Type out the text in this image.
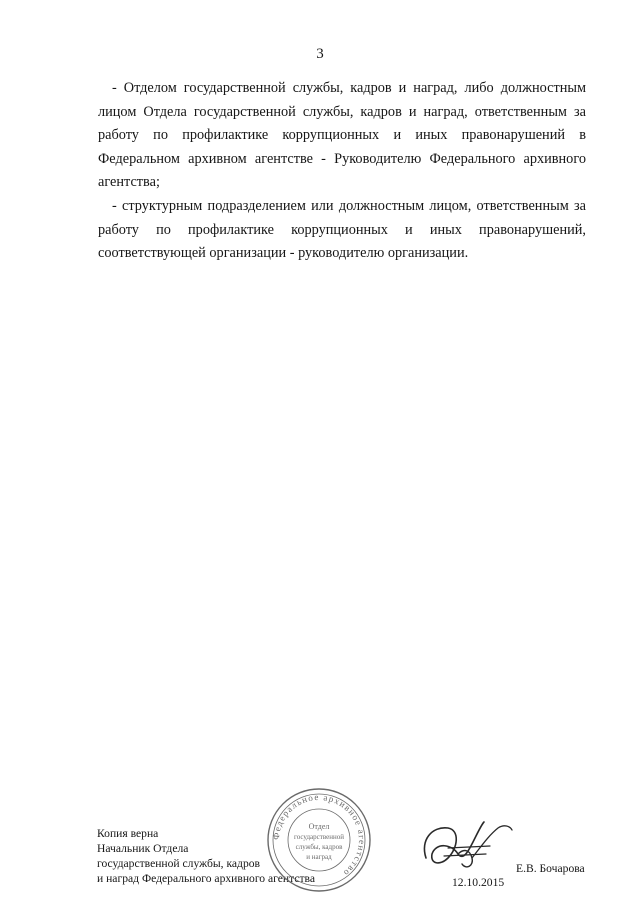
3

- Отделом государственной службы, кадров и наград, либо должностным лицом Отдела государственной службы, кадров и наград, ответственным за работу по профилактике коррупционных и иных правонарушений в Федеральном архивном агентстве - Руководителю Федерального архивного агентства;

- структурным подразделением или должностным лицом, ответственным за работу по профилактике коррупционных и иных правонарушений,

соответствующей организации - руководителю организации.

Копия верна
Начальник Отдела
государственной службы, кадров
и наград Федерального архивного агентства
Федеральное архивное агентство
Отдел
государственной
службы, кадров
и наград
12.10.2015
Е.В. Бочарова
